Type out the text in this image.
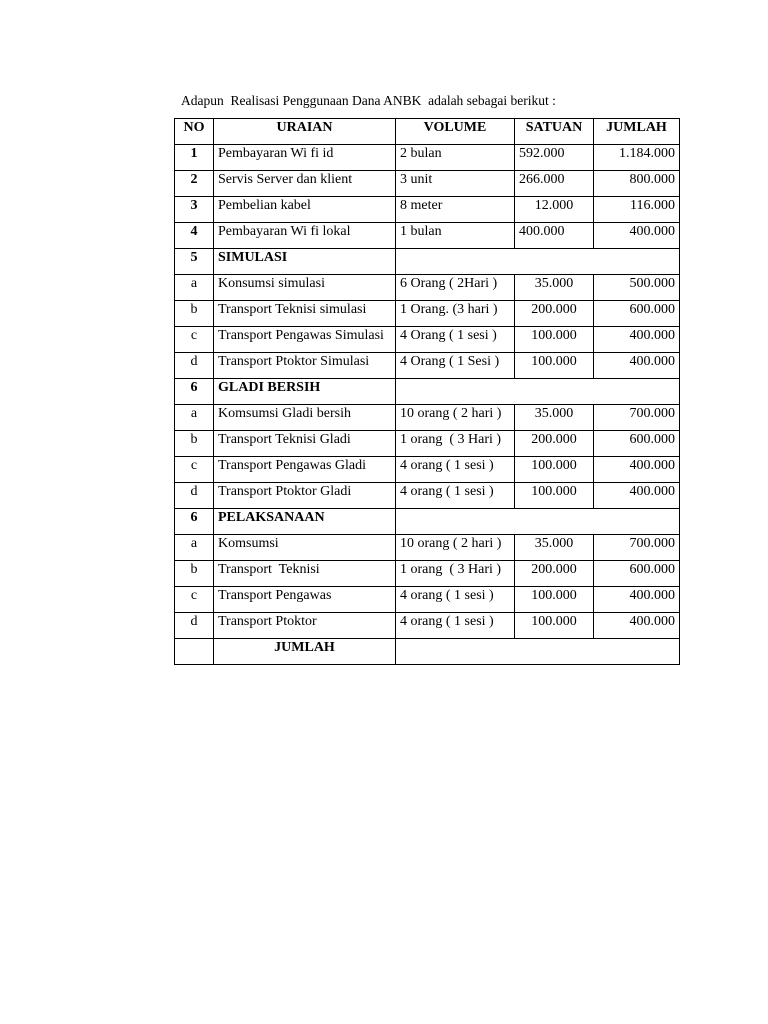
Adapun  Realisasi Penggunaan Dana ANBK  adalah sebagai berikut :
NO	URAIAN	VOLUME	SATUAN	JUMLAH
1	Pembayaran Wi fi id	2 bulan	592.000	1.184.000
2	Servis Server dan klient	3 unit	266.000	800.000
3	Pembelian kabel	8 meter	12.000	116.000
4	Pembayaran Wi fi lokal	1 bulan	400.000	400.000
5	SIMULASI			
a	Konsumsi simulasi	6 Orang ( 2Hari )	35.000	500.000
b	Transport Teknisi simulasi	1 Orang. (3 hari )	200.000	600.000
c	Transport Pengawas Simulasi	4 Orang ( 1 sesi )	100.000	400.000
d	Transport Ptoktor Simulasi	4 Orang ( 1 Sesi )	100.000	400.000
6	GLADI BERSIH			
a	Komsumsi Gladi bersih	10 orang ( 2 hari )	35.000	700.000
b	Transport Teknisi Gladi	1 orang  ( 3 Hari )	200.000	600.000
c	Transport Pengawas Gladi	4 orang ( 1 sesi )	100.000	400.000
d	Transport Ptoktor Gladi	4 orang ( 1 sesi )	100.000	400.000
6	PELAKSANAAN			
a	Komsumsi	10 orang ( 2 hari )	35.000	700.000
b	Transport  Teknisi	1 orang  ( 3 Hari )	200.000	600.000
c	Transport Pengawas	4 orang ( 1 sesi )	100.000	400.000
d	Transport Ptoktor	4 orang ( 1 sesi )	100.000	400.000
	JUMLAH			
